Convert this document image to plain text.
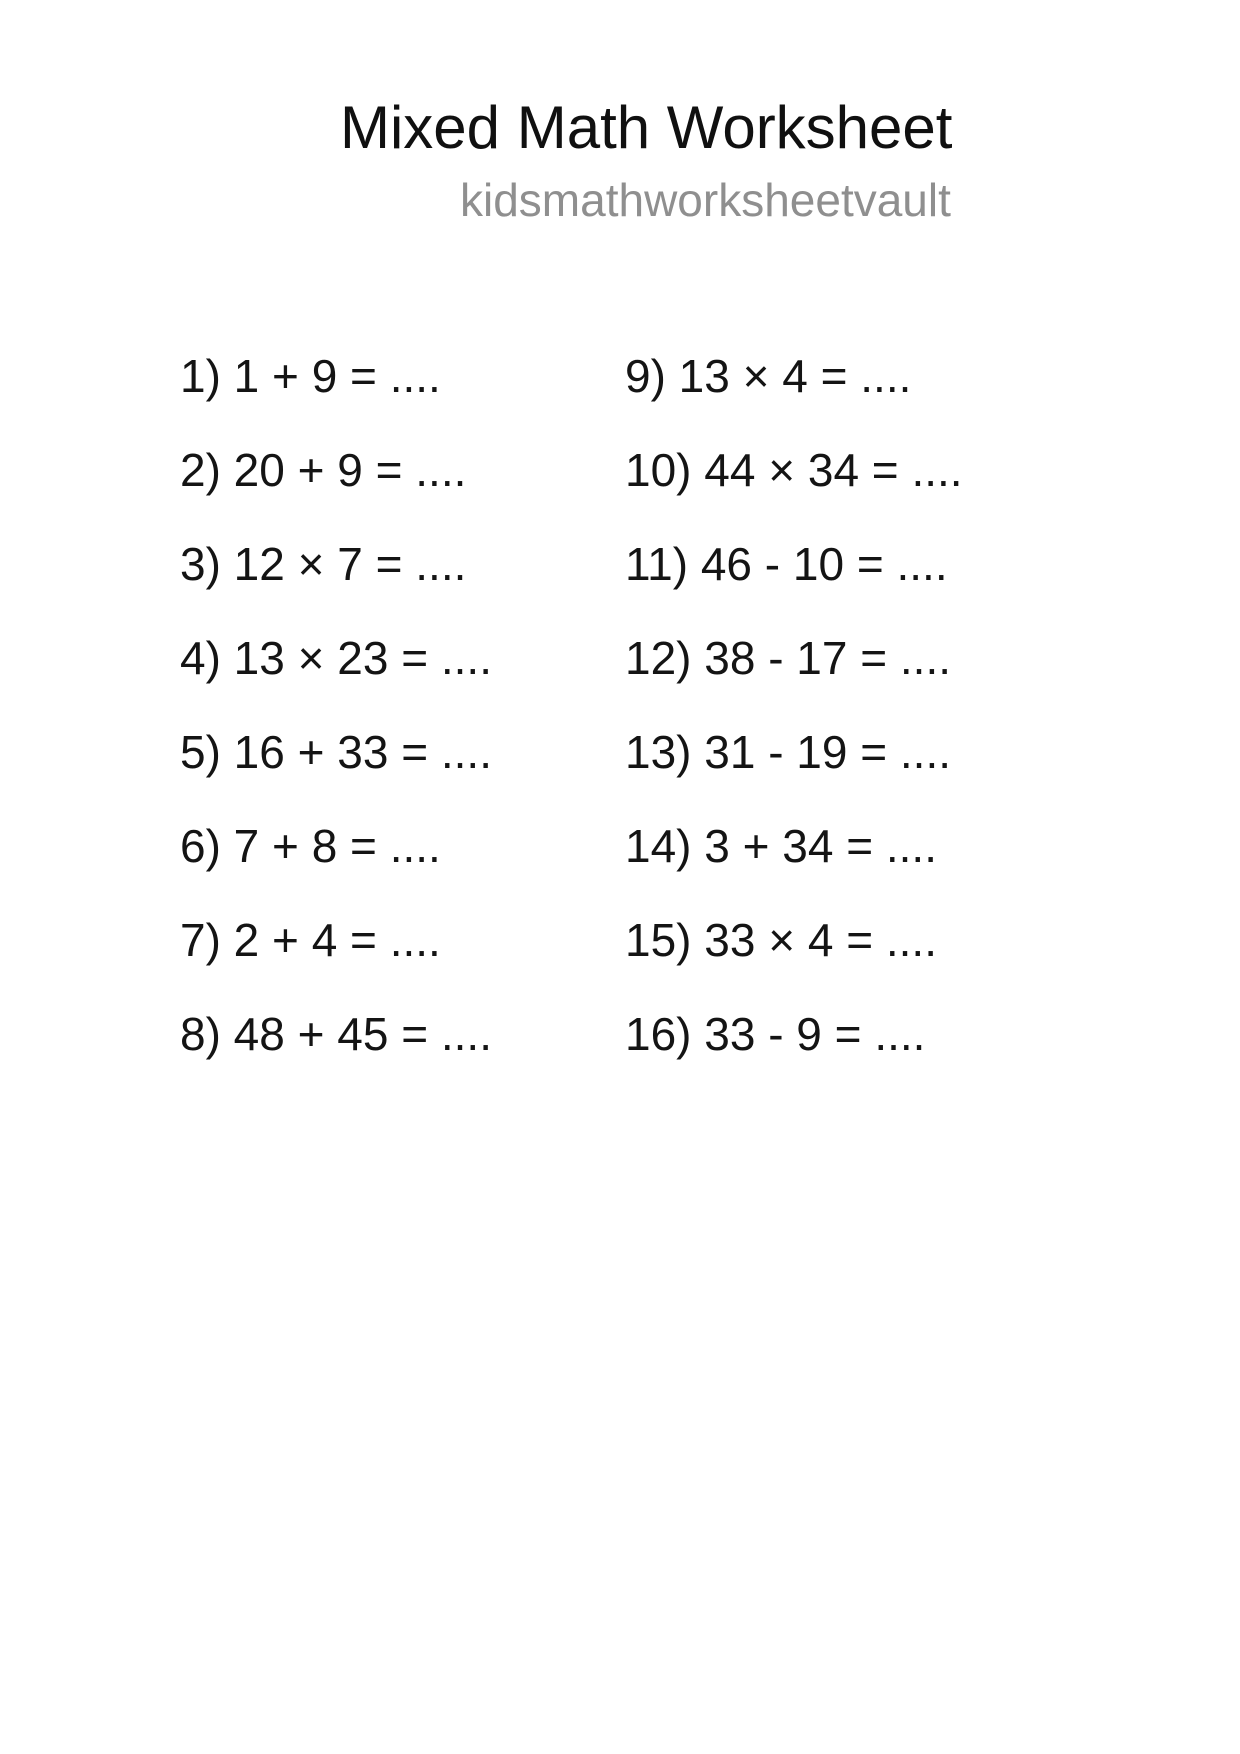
Mixed Math Worksheet
kidsmathworksheetvault
1) 1 + 9 = ....
2) 20 + 9 = ....
3) 12 × 7 = ....
4) 13 × 23 = ....
5) 16 + 33 = ....
6) 7 + 8 = ....
7) 2 + 4 = ....
8) 48 + 45 = ....
9) 13 × 4 = ....
10) 44 × 34 = ....
11) 46 - 10 = ....
12) 38 - 17 = ....
13) 31 - 19 = ....
14) 3 + 34 = ....
15) 33 × 4 = ....
16) 33 - 9 = ....
